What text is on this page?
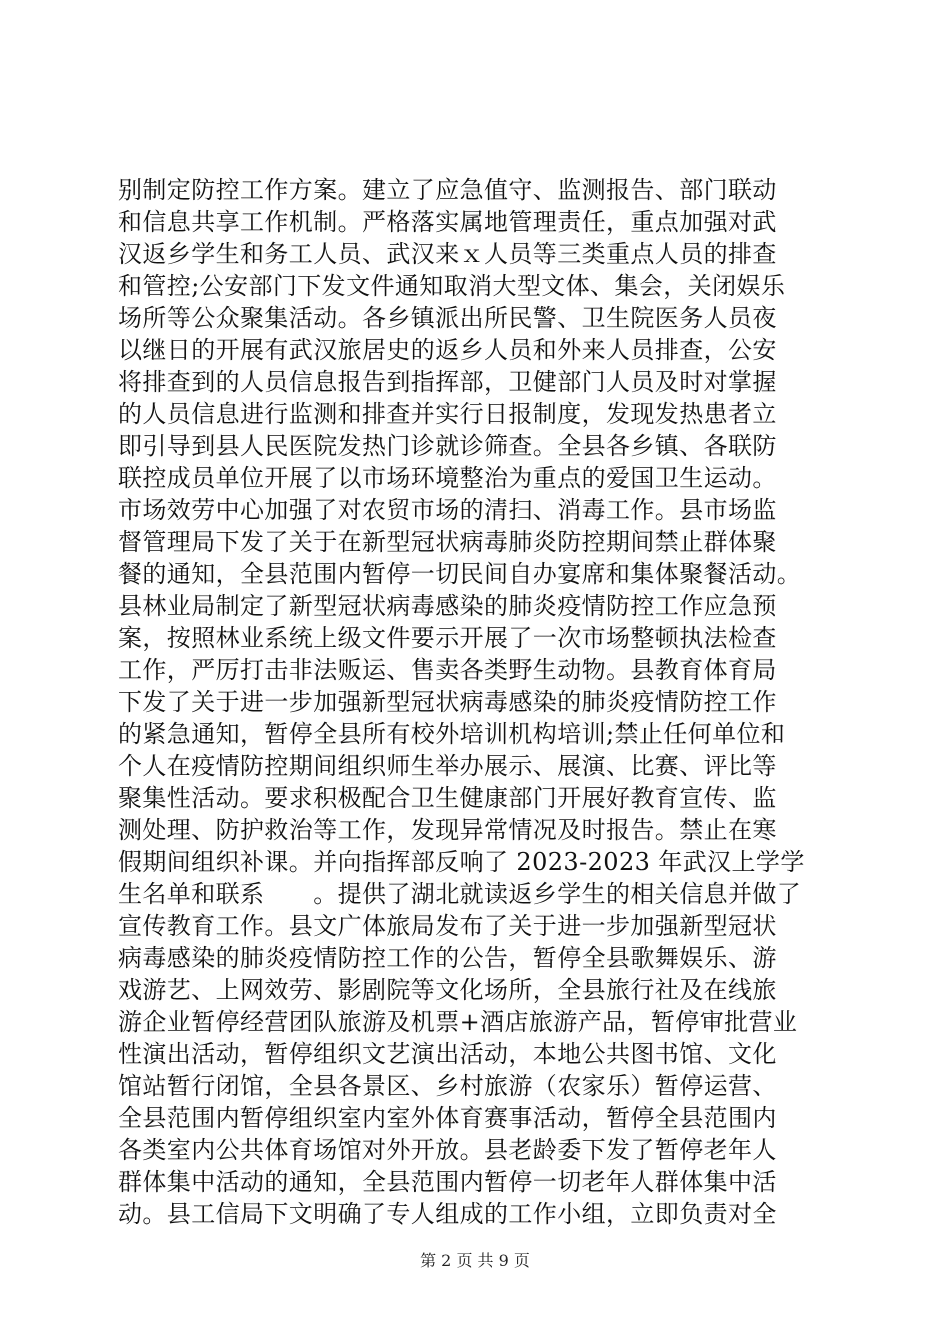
别制定防控工作方案。建立了应急值守、监测报告、部门联动
和信息共享工作机制。严格落实属地管理责任，重点加强对武
汉返乡学生和务工人员、武汉来ｘ人员等三类重点人员的排查
和管控;公安部门下发文件通知取消大型文体、集会，关闭娱乐
场所等公众聚集活动。各乡镇派出所民警、卫生院医务人员夜
以继日的开展有武汉旅居史的返乡人员和外来人员排查，公安
将排查到的人员信息报告到指挥部，卫健部门人员及时对掌握
的人员信息进行监测和排查并实行日报制度，发现发热患者立
即引导到县人民医院发热门诊就诊筛查。全县各乡镇、各联防
联控成员单位开展了以市场环境整治为重点的爱国卫生运动。
市场效劳中心加强了对农贸市场的清扫、消毒工作。县市场监
督管理局下发了关于在新型冠状病毒肺炎防控期间禁止群体聚
餐的通知，全县范围内暂停一切民间自办宴席和集体聚餐活动。
县林业局制定了新型冠状病毒感染的肺炎疫情防控工作应急预
案，按照林业系统上级文件要示开展了一次市场整顿执法检查
工作，严厉打击非法贩运、售卖各类野生动物。县教育体育局
下发了关于进一步加强新型冠状病毒感染的肺炎疫情防控工作
的紧急通知，暂停全县所有校外培训机构培训;禁止任何单位和
个人在疫情防控期间组织师生举办展示、展演、比赛、评比等
聚集性活动。要求积极配合卫生健康部门开展好教育宣传、监
测处理、防护救治等工作，发现异常情况及时报告。禁止在寒
假期间组织补课。并向指挥部反响了 2023-2023 年武汉上学学
生名单和联系　　。提供了湖北就读返乡学生的相关信息并做了
宣传教育工作。县文广体旅局发布了关于进一步加强新型冠状
病毒感染的肺炎疫情防控工作的公告，暂停全县歌舞娱乐、游
戏游艺、上网效劳、影剧院等文化场所，全县旅行社及在线旅
游企业暂停经营团队旅游及机票+酒店旅游产品，暂停审批营业
性演出活动，暂停组织文艺演出活动，本地公共图书馆、文化
馆站暂行闭馆，全县各景区、乡村旅游（农家乐）暂停运营、
全县范围内暂停组织室内室外体育赛事活动，暂停全县范围内
各类室内公共体育场馆对外开放。县老龄委下发了暂停老年人
群体集中活动的通知，全县范围内暂停一切老年人群体集中活
动。县工信局下文明确了专人组成的工作小组，立即负责对全
第 2 页 共 9 页
